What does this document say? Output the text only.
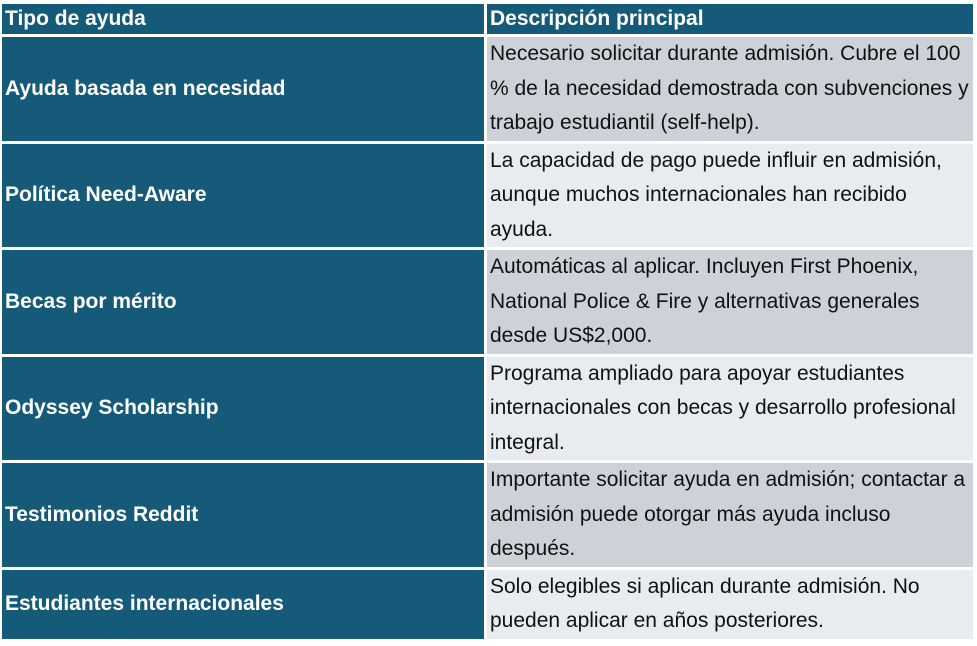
Tipo de ayuda	Descripción principal
Ayuda basada en necesidad	Necesario solicitar durante admisión. Cubre el 100 % de la necesidad demostrada con subvenciones y trabajo estudiantil (self-help).
Política Need-Aware	La capacidad de pago puede influir en admisión, aunque muchos internacionales han recibido ayuda.
Becas por mérito	Automáticas al aplicar. Incluyen First Phoenix, National Police & Fire y alternativas generales desde US$2,000.
Odyssey Scholarship	Programa ampliado para apoyar estudiantes internacionales con becas y desarrollo profesional integral.
Testimonios Reddit	Importante solicitar ayuda en admisión; contactar a admisión puede otorgar más ayuda incluso después.
Estudiantes internacionales	Solo elegibles si aplican durante admisión. No pueden aplicar en años posteriores.
